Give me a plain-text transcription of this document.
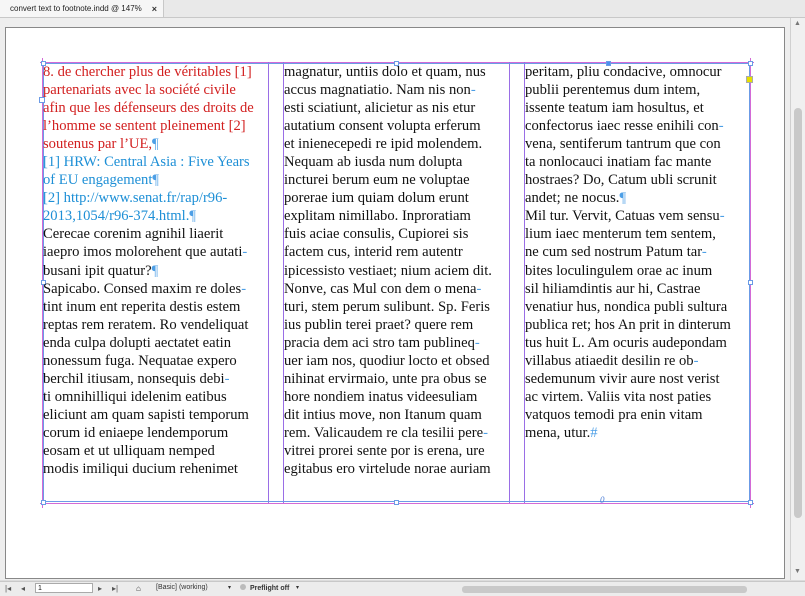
convert text to footnote.indd @ 147% ×
▲
▼
0
8. de chercher plus de véritables [1]
partenariats avec la société civile
afin que les défenseurs des droits de
l’homme se sentent pleinement [2]
soutenus par l’UE,¶
[1] HRW: Central Asia : Five Years
of EU engagement¶
[2] http://www.senat.fr/rap/r96-
2013,1054/r96-374.html.¶
Cerecae corenim agnihil liaerit
iaepro imos molorehent que autati-
busani ipit quatur?¶
Sapicabo. Consed maxim re doles-
tint inum ent reperita destis estem
reptas rem reratem. Ro vendeliquat
enda culpa dolupti aectatet eatin
nonessum fuga. Nequatae expero
berchil itiusam, nonsequis debi-
ti omnihilliqui idelenim eatibus
eliciunt am quam sapisti temporum
corum id eniaepe lendemporum
eosam et ut ulliquam nemped
modis imiliqui ducium rehenimet
magnatur, untiis dolo et quam, nus
accus magnatiatio. Nam nis non-
esti sciatiunt, alicietur as nis etur
autatium consent volupta erferum
et inienecepedi re ipid molendem.
Nequam ab iusda num dolupta
incturei berum eum ne voluptae
porerae ium quiam dolum erunt
explitam nimillabo. Inproratiam
fuis aciae consulis, Cupiorei sis
factem cus, interid rem autentr
ipicessisto vestiaet; nium aciem dit.
Nonve, cas Mul con dem o mena-
turi, stem perum sulibunt. Sp. Feris
ius publin terei praet? quere rem
pracia dem aci stro tam publineq-
uer iam nos, quodiur locto et obsed
nihinat ervirmaio, unte pra obus se
hore nondiem inatus videesuliam
dit intius move, non Itanum quam
rem. Valicaudem re cla tesilii pere-
vitrei prorei sente por is erena, ure
egitabus ero virtelude norae auriam
peritam, pliu condacive, omnocur
publii perentemus dum intem,
issente teatum iam hosultus, et
confectorus iaec resse enihili con-
vena, sentiferum tantrum que con
ta nonlocauci inatiam fac mante
hostraes? Do, Catum ubli scrunit
andet; ne nocus.¶
Mil tur. Vervit, Catuas vem sensu-
lium iaec menterum tem sentem,
ne cum sed nostrum Patum tar-
bites loculingulem orae ac inum
sil hiliamdintis aur hi, Castrae
venatiur hus, nondica publi sultura
publica ret; hos An prit in dinterum
tus huit L. Am ocuris audepondam
villabus atiaedit desilin re ob-
sedemunum vivir aure nost verist
ac virtem. Valiis vita nost paties
vatquos temodi pra enin vitam
mena, utur.#
|◂ ◂	1	▸ ▸| ⌂ [Basic] (working)	▾	Preflight off ▾
